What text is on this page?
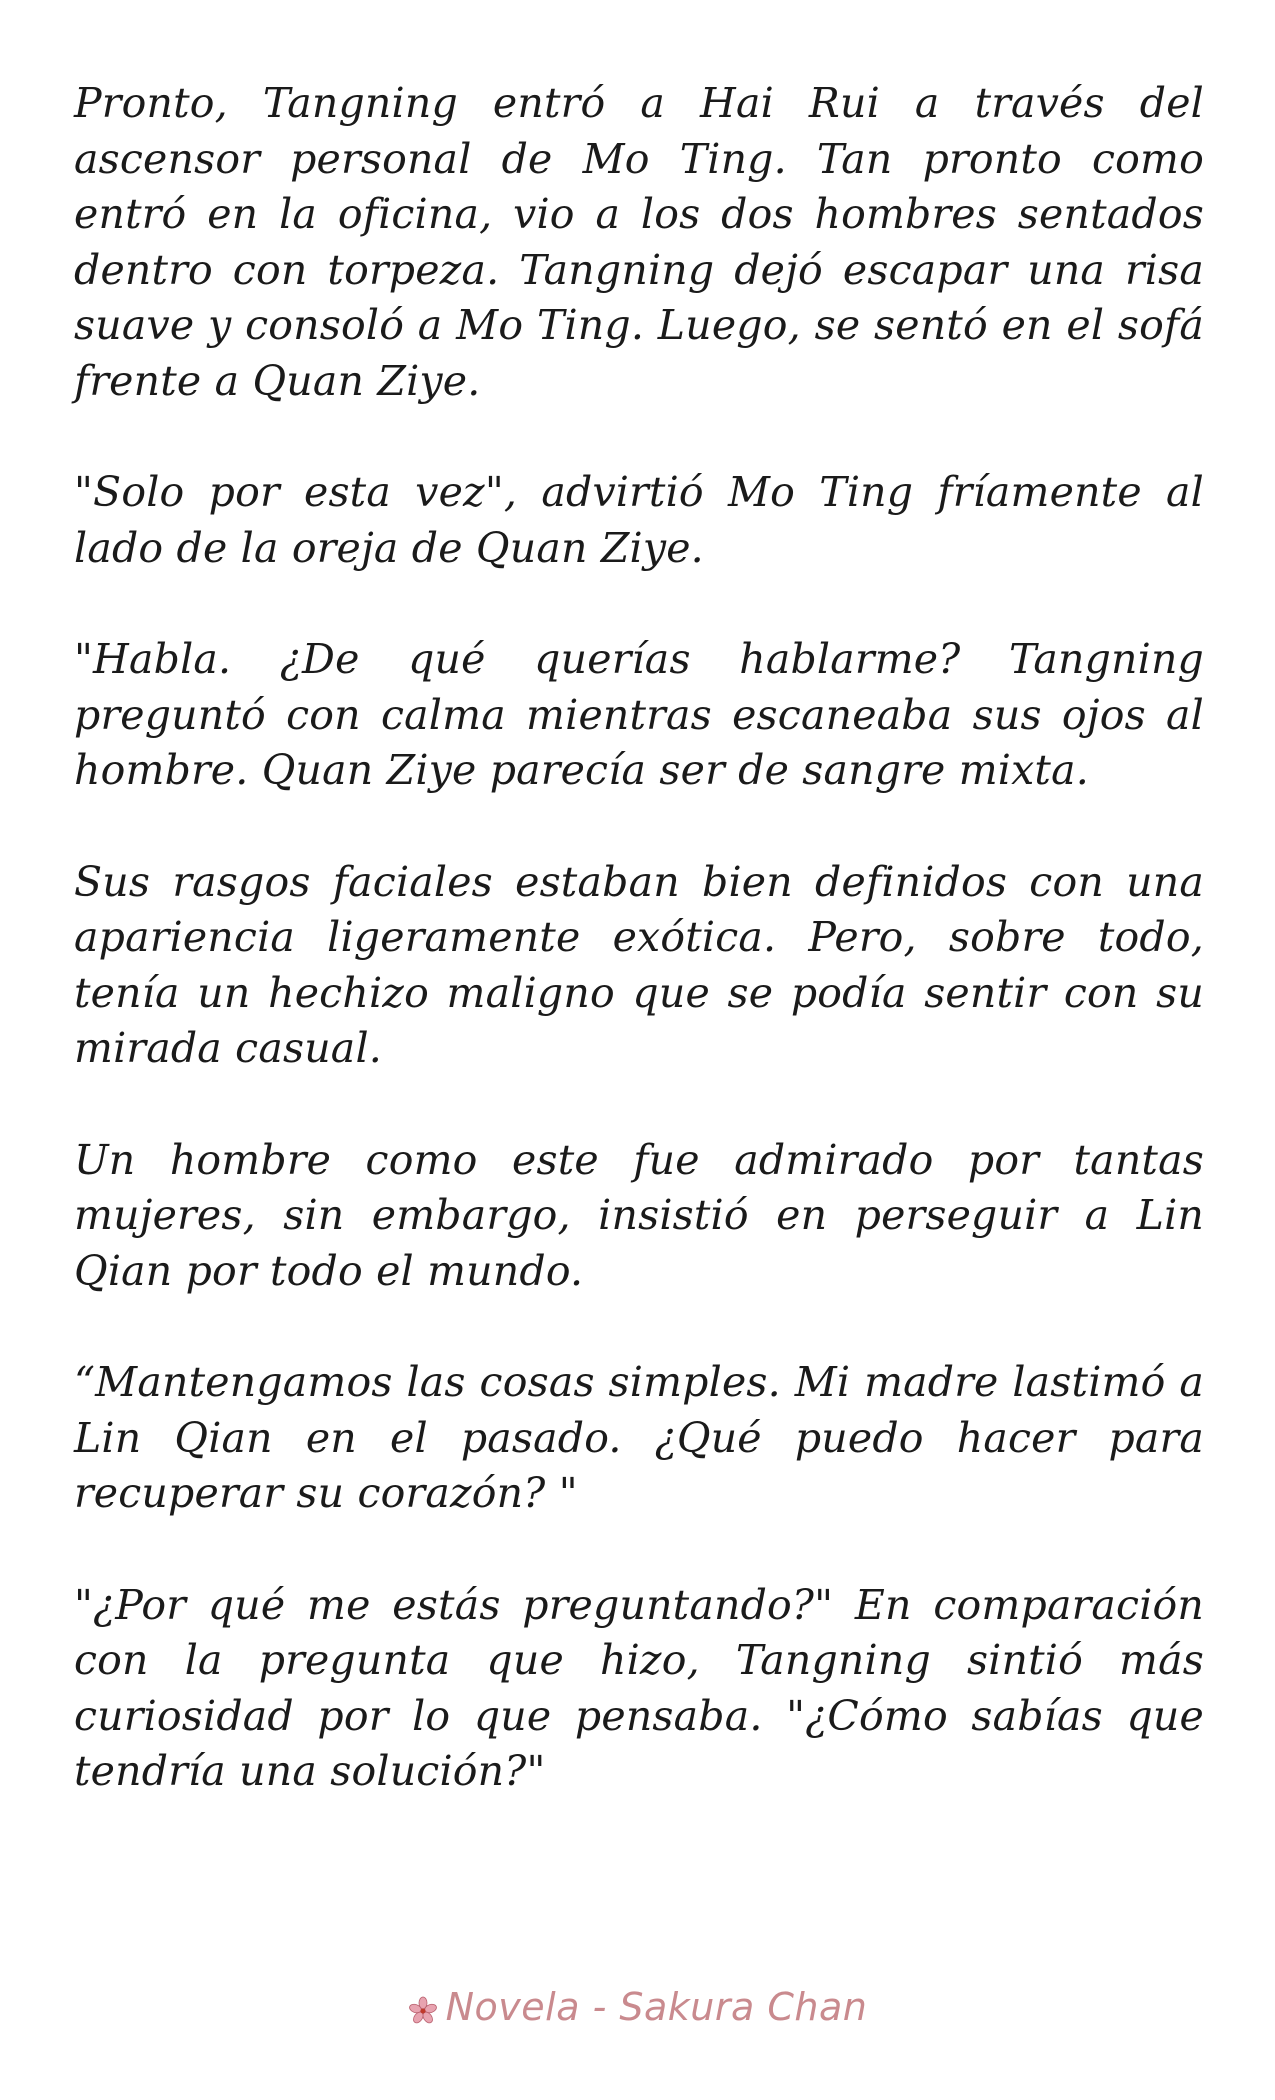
Pronto, Tangning entró a Hai Rui a través del ascensor personal de Mo Ting. Tan pronto como entró en la oficina, vio a los dos hombres sentados dentro con torpeza. Tangning dejó escapar una risa suave y consoló a Mo Ting. Luego, se sentó en el sofá frente a Quan Ziye.

"Solo por esta vez", advirtió Mo Ting fríamente al lado de la oreja de Quan Ziye.

"Habla. ¿De qué querías hablarme? Tangning preguntó con calma mientras escaneaba sus ojos al hombre. Quan Ziye parecía ser de sangre mixta.

Sus rasgos faciales estaban bien definidos con una apariencia ligeramente exótica. Pero, sobre todo, tenía un hechizo maligno que se podía sentir con su mirada casual.

Un hombre como este fue admirado por tantas mujeres, sin embargo, insistió en perseguir a Lin Qian por todo el mundo.

“Mantengamos las cosas simples. Mi madre lastimó a Lin Qian en el pasado. ¿Qué puedo hacer para recuperar su corazón? "

"¿Por qué me estás preguntando?" En comparación con la pregunta que hizo, Tangning sintió más curiosidad por lo que pensaba. "¿Cómo sabías que tendría una solución?"

Novela - Sakura Chan
